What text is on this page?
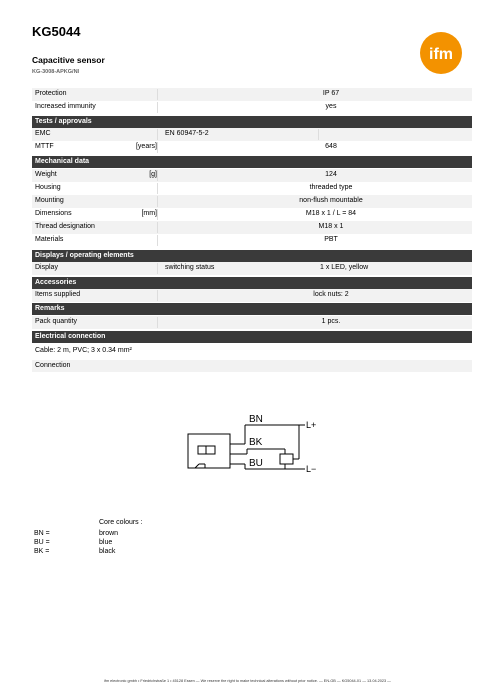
KG5044
Capacitive sensor
KG-3008-APKG/NI
ifm
Protection	IP 67
Increased immunity	yes
Tests / approvals
EMC	EN 60947-5-2
MTTF	[years]	648
Mechanical data
Weight	[g]	124
Housing	threaded type
Mounting	non-flush mountable
Dimensions	[mm]	M18 x 1 / L = 84
Thread designation	M18 x 1
Materials	PBT
Displays / operating elements
Display	switching status	1 x LED, yellow
Accessories
Items supplied	lock nuts: 2
Remarks
Pack quantity	1 pcs.
Electrical connection
Cable: 2 m, PVC; 3 x 0.34 mm²
Connection
BN
BK
BU
L+
L−
Core colours :
BN =	brown
BU =	blue
BK =	black
ifm electronic gmbh • Friedrichstraße 1 • 45128 Essen — We reserve the right to make technical alterations without prior notice. — EN-GB — KG5044-01 — 13.04.2023 —
